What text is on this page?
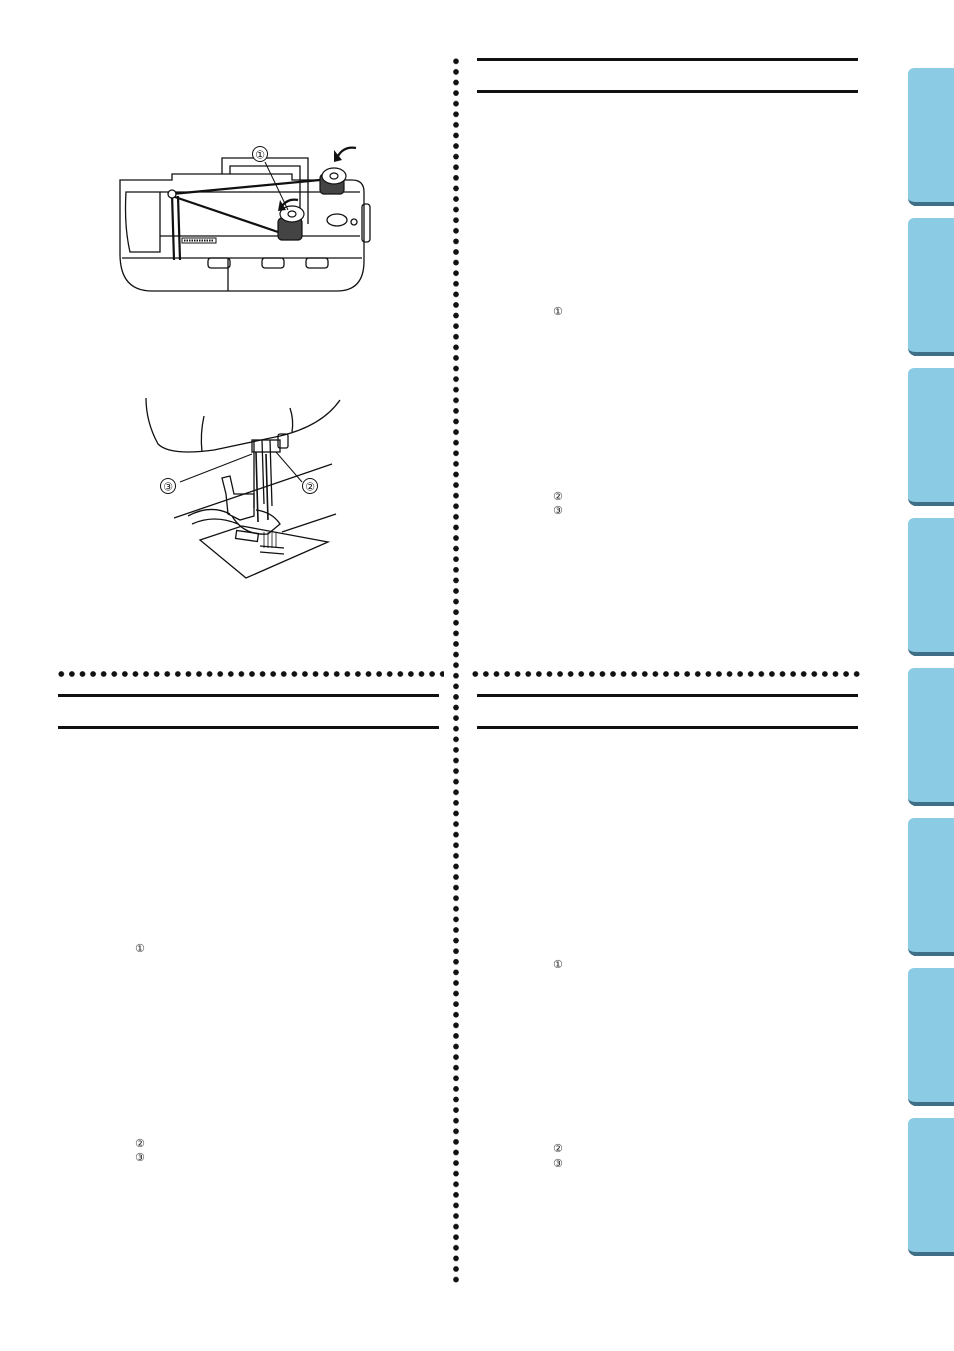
①
③	②
①
②
③
①
②
③
①
②
③
